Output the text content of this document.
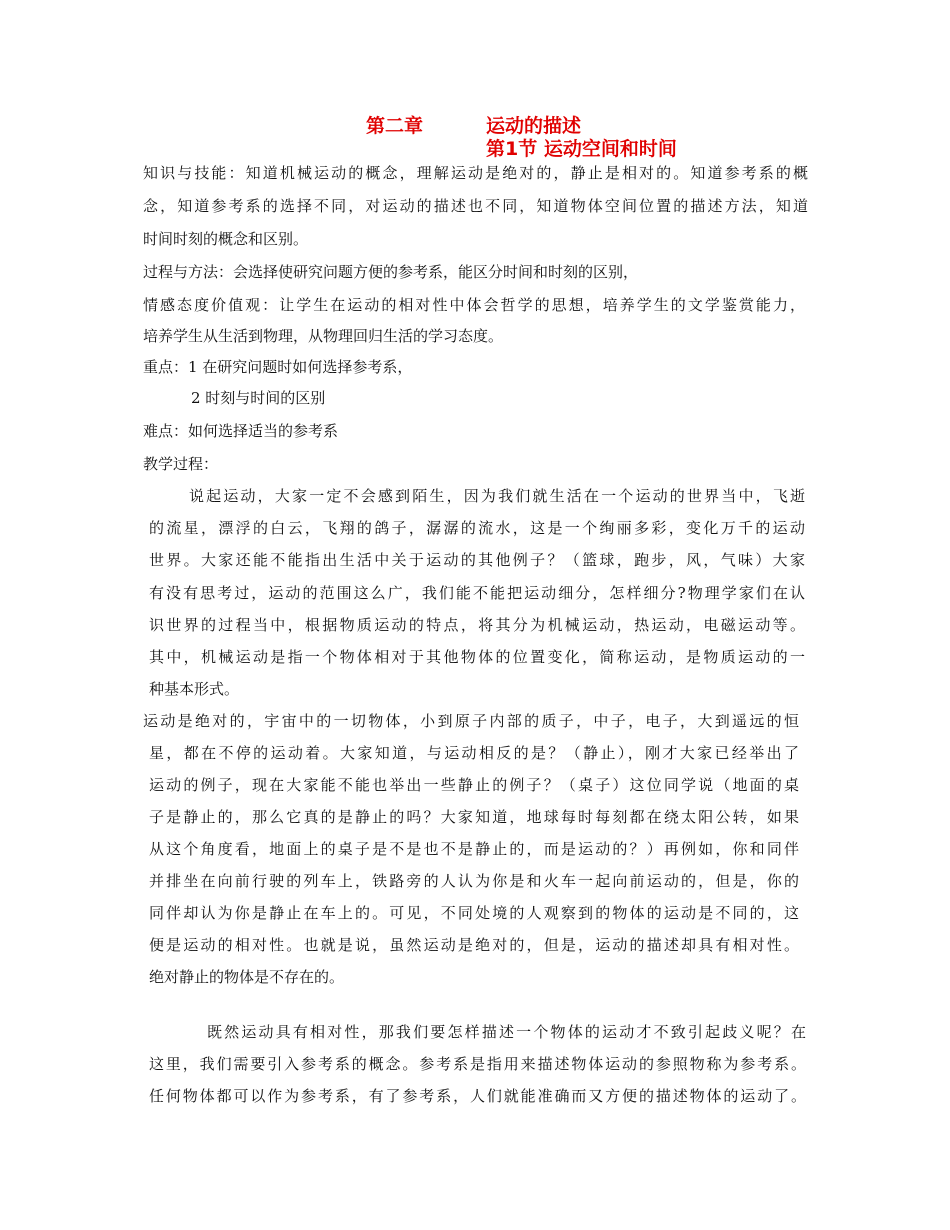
第二章	运动的描述
第1节 运动空间和时间
知识与技能：知道机械运动的概念，理解运动是绝对的，静止是相对的。知道参考系的概
念，知道参考系的选择不同，对运动的描述也不同，知道物体空间位置的描述方法，知道
时间时刻的概念和区别。
过程与方法：会选择使研究问题方便的参考系，能区分时间和时刻的区别，
情感态度价值观：让学生在运动的相对性中体会哲学的思想，培养学生的文学鉴赏能力，
培养学生从生活到物理，从物理回归生活的学习态度。
重点：1 在研究问题时如何选择参考系，
2 时刻与时间的区别
难点：如何选择适当的参考系
教学过程：
说起运动，大家一定不会感到陌生，因为我们就生活在一个运动的世界当中，飞逝
的流星，漂浮的白云，飞翔的鸽子，潺潺的流水，这是一个绚丽多彩，变化万千的运动
世界。大家还能不能指出生活中关于运动的其他例子？（篮球，跑步，风，气味）大家
有没有思考过，运动的范围这么广，我们能不能把运动细分，怎样细分?物理学家们在认
识世界的过程当中，根据物质运动的特点，将其分为机械运动，热运动，电磁运动等。
其中，机械运动是指一个物体相对于其他物体的位置变化，简称运动，是物质运动的一
种基本形式。
运动是绝对的，宇宙中的一切物体，小到原子内部的质子，中子，电子，大到遥远的恒
星，都在不停的运动着。大家知道，与运动相反的是？（静止），刚才大家已经举出了
运动的例子，现在大家能不能也举出一些静止的例子？（桌子）这位同学说（地面的桌
子是静止的，那么它真的是静止的吗？大家知道，地球每时每刻都在绕太阳公转，如果
从这个角度看，地面上的桌子是不是也不是静止的，而是运动的？）再例如，你和同伴
并排坐在向前行驶的列车上，铁路旁的人认为你是和火车一起向前运动的，但是，你的
同伴却认为你是静止在车上的。可见，不同处境的人观察到的物体的运动是不同的，这
便是运动的相对性。也就是说，虽然运动是绝对的，但是，运动的描述却具有相对性。
绝对静止的物体是不存在的。
既然运动具有相对性，那我们要怎样描述一个物体的运动才不致引起歧义呢？在
这里，我们需要引入参考系的概念。参考系是指用来描述物体运动的参照物称为参考系。
任何物体都可以作为参考系，有了参考系，人们就能准确而又方便的描述物体的运动了。
